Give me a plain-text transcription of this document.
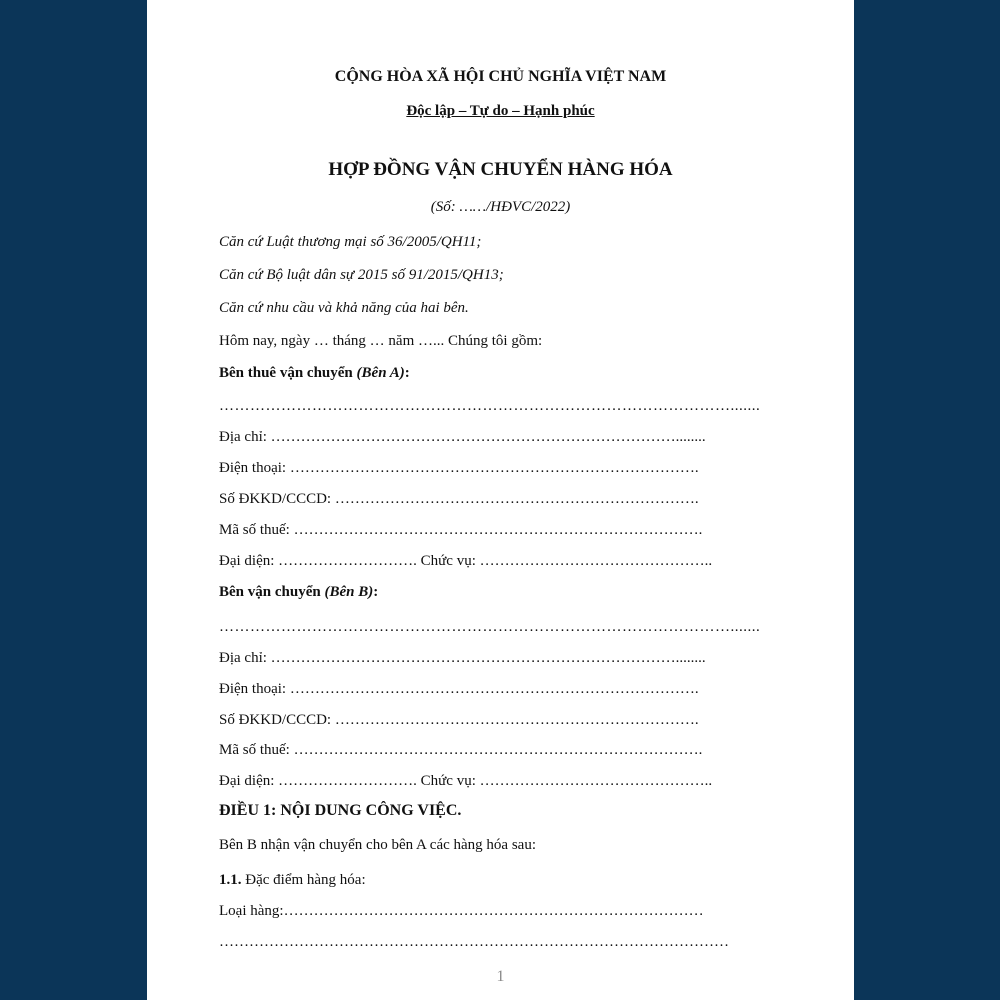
CỘNG HÒA XÃ HỘI CHỦ NGHĨA VIỆT NAM
Độc lập – Tự do – Hạnh phúc
HỢP ĐỒNG VẬN CHUYỂN HÀNG HÓA
(Số: ……/HĐVC/2022)
Căn cứ Luật thương mại số 36/2005/QH11;
Căn cứ Bộ luật dân sự 2015 số 91/2015/QH13;
Căn cứ nhu cầu và khả năng của hai bên.
Hôm nay, ngày … tháng … năm …... Chúng tôi gồm:
Bên thuê vận chuyển (Bên A):
……………………………………………………………………………………….......
Địa chỉ: ………………………………………………………………………........
Điện thoại: ……………………………………………………………………….
Số ĐKKD/CCCD: ……………………………………………………………….
Mã số thuế: ……………………………………………………………………….
Đại diện: ………………………. Chức vụ: ………………………………………..
Bên vận chuyển (Bên B):
……………………………………………………………………………………….......
Địa chỉ: ………………………………………………………………………........
Điện thoại: ……………………………………………………………………….
Số ĐKKD/CCCD: ……………………………………………………………….
Mã số thuế: ……………………………………………………………………….
Đại diện: ………………………. Chức vụ: ………………………………………..
ĐIỀU 1: NỘI DUNG CÔNG VIỆC.
Bên B nhận vận chuyển cho bên A các hàng hóa sau:
1.1. Đặc điểm hàng hóa:
Loại hàng:…………………………………………………………………………
…………………………………………………………………………………………
1
